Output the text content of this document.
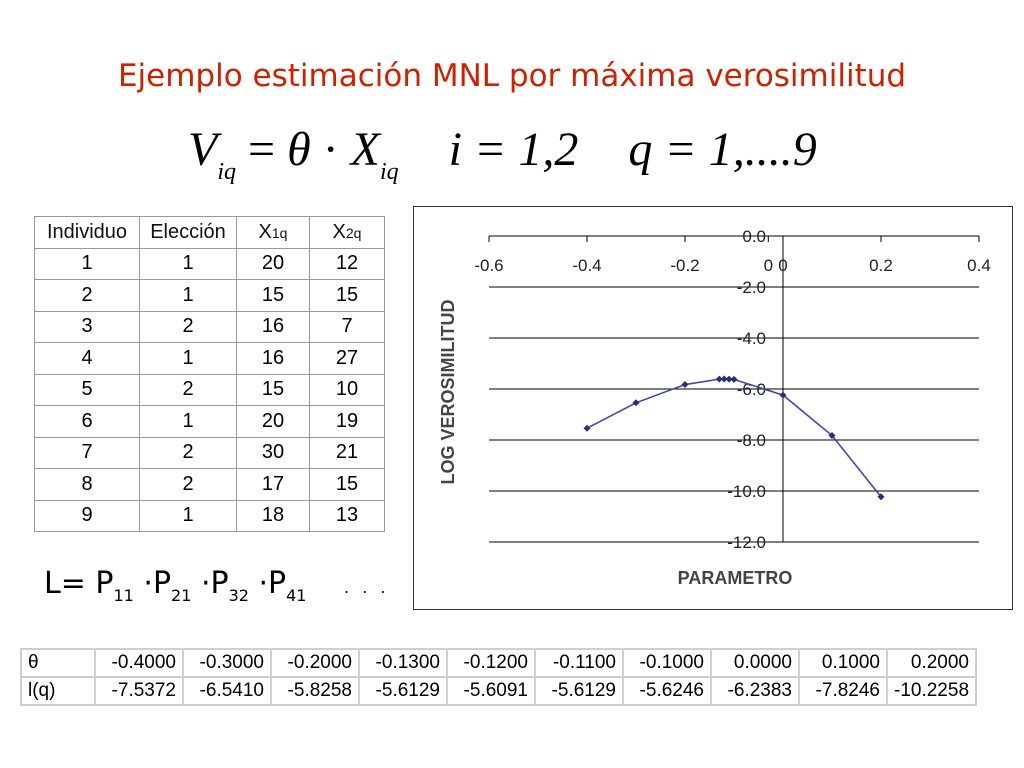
Ejemplo estimación MNL por máxima verosimilitud
$V_{iq} = \theta \cdot X_{iq}$ i = 1,2 q = 1,....9
Individuo	Elección	X1q	X2q
1	1	20	12
2	1	15	15
3	2	16	7
4	1	16	27
5	2	15	10
6	1	20	19
7	2	30	21
8	2	17	15
9	1	18	13
$L= P_{11} \cdot P_{21} \cdot P_{32} \cdot P_{41}$ . . .
0.0
-2.0
-4.0
-6.0
-8.0
-10.0
-12.0
-0.6	-0.4	-0.2	0 0	0.2	0.4
LOG VEROSIMILITUD
PARAMETRO
θ	-0.4000	-0.3000	-0.2000	-0.1300	-0.1200	-0.1100	-0.1000	0.0000	0.1000	0.2000
l(q)	-7.5372	-6.5410	-5.8258	-5.6129	-5.6091	-5.6129	-5.6246	-6.2383	-7.8246	-10.2258
